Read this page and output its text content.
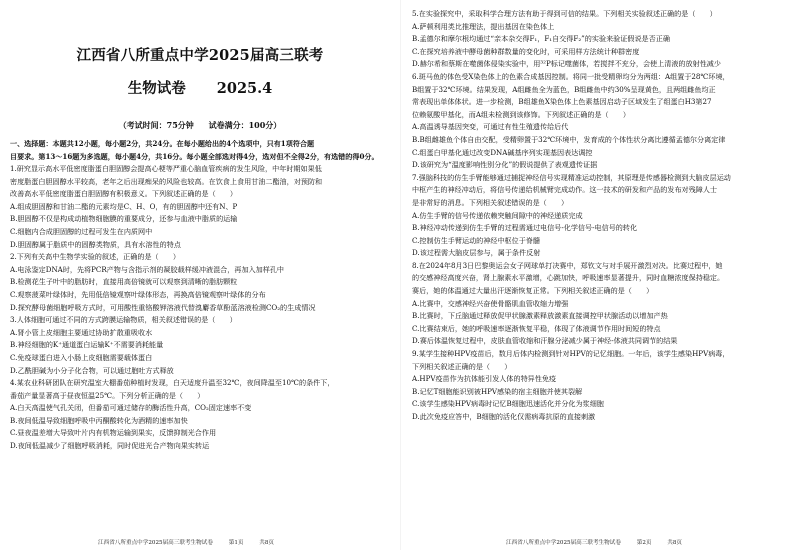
江西省八所重点中学2025届高三联考
生物试卷 2025.4
（考试时间：75分钟 试卷满分：100分）
一、选择题：本题共12小题，每小题2分，共24分。在每小题给出的4个选项中，只有1项符合题
目要求。第13～16题为多选题，每小题4分，共16分。每小题全部选对得4分，选对但不全得2分，有选错的得0分。
1.研究显示高水平低密度脂蛋白胆固醇会提高心梗等严重心脑血管疾病的发生风险，中年时期如果低
密度脂蛋白胆固醇水平较高，老年之后出现痴呆的风险也较高。在饮食上食用甘油二酯油，对预防和
改善高水平低密度脂蛋白胆固醇有积极意义。下列叙述正确的是（　　）
A.组成胆固醇和甘油二酯的元素均是C、H、O，有的胆固醇中还有N、P
B.胆固醇不仅是构成动植物细胞膜的重要成分，还参与血液中脂质的运输
C.细胞内合成胆固醇的过程可发生在内质网中
D.胆固醇属于脂质中的固醇类物质，具有水溶性的特点
2.下列有关高中生物学实验的叙述，正确的是（　　）
A.电泳鉴定DNA时，先将PCR产物与含指示剂的凝胶载样缓冲液混合，再加入加样孔中
B.检测花生子叶中的脂肪时，直接用高倍镜就可以观察到清晰的脂肪颗粒
C.观察菠菜叶绿体时，先用低倍镜观察叶绿体形态，再换高倍镜观察叶绿体的分布
D.探究酵母菌细胞呼吸方式时，可用酸性重铬酸钾溶液代替溴麝香草酚蓝溶液检测CO₂的生成情况
3.人体细胞可通过不同的方式跨膜运输物质，相关叙述错误的是（　　）
A.肾小管上皮细胞主要通过协助扩散重吸收水
B.神经细胞的K⁺通道蛋白运输K⁺不需要消耗能量
C.免疫球蛋白进入小肠上皮细胞需要载体蛋白
D.乙酰胆碱为小分子化合物，可以通过胞吐方式释放
4.某农业科研团队在研究温室大棚番茄种植时发现，白天适度升温至32℃，夜间降温至10℃的条件下，
番茄产量显著高于昼夜恒温25℃。下列分析正确的是（　　）
A.白天高温使气孔关闭，但番茄可通过储存的酶活性升高，CO₂固定速率不变
B.夜间低温导致细胞呼吸中丙酮酸转化为酒精的速率加快
C.昼夜温差增大导致叶片内有机物运输到果实，反馈抑制光合作用
D.夜间低温减少了细胞呼吸消耗，同时促进光合产物向果实转运
5.在实验探究中，采取科学合理方法有助于得到可信的结果。下列相关实验叙述正确的是（　　）
A.萨顿利用类比推理法，提出基因在染色体上
B.孟德尔和摩尔根均通过“亲本杂交得F₁，F₁自交得F₂”的实验来验证假说是否正确
C.在探究培养液中酵母菌种群数量的变化时，可采用样方法统计种群密度
D.赫尔希和蔡斯在噬菌体侵染实验中，用³²P标记噬菌体，若搅拌不充分，会使上清液的放射性减少
6.斑马鱼的体色受X染色体上的色素合成基因控制。将同一批受精卵均分为两组：A组置于28℃环境，
B组置于32℃环境。结果发现，A组雌鱼全为蓝色，B组雌鱼中约30%呈现黄色，且两组雌鱼均正
常表现出单体体状。进一步检测，B组雄鱼X染色体上色素基因启动子区域发生了组蛋白H3第27
位赖氨酸甲基化，而A组未检测到该修饰。下列叙述正确的是（　　）
A.高温诱导基因突变，可通过有性生殖遗传给后代
B.B组雌雄鱼个体自由交配，受精卵置于32℃环境中，发育成的个体性状分离比遵循孟德尔分离定律
C.组蛋白甲基化通过改变DNA碱基序列实现基因表达调控
D.该研究为“温度影响性别分化”的假说提供了表观遗传证据
7.强脑科技的仿生手臂能够通过捕捉神经信号实现精准运动控制，其原理是传感器检测到大脑皮层运动
中枢产生的神经冲动后，将信号传递给机械臂完成动作。这一技术的研发和产品的发布对残障人士
是非常好的消息。下列相关叙述错误的是（　　）
A.仿生手臂的信号传递依赖突触间隙中的神经递质完成
B.神经冲动传递到仿生手臂的过程需通过电信号-化学信号-电信号的转化
C.控制仿生手臂运动的神经中枢位于脊髓
D.该过程需大脑皮层参与，属于条件反射
8.在2024年8月3日巴黎奥运会女子网球单打决赛中，郑钦文与对手展开激烈对决。比赛过程中，她
的交感神经高度兴奋，肾上腺素水平激增，心跳加快，呼吸速率显著提升，同时血糖浓度保持稳定。
赛后，她的体温通过大量出汗逐渐恢复正常。下列相关叙述正确的是（　　）
A.比赛中，交感神经兴奋使骨骼肌血管收缩力增强
B.比赛时，下丘脑通过释放促甲状腺激素释放激素直接调控甲状腺活动以增加产热
C.比赛结束后，她的呼吸速率逐渐恢复平稳，体现了体液调节作用时间短的特点
D.赛后体温恢复过程中，皮肤血管收缩和汗腺分泌减少属于神经-体液共同调节的结果
9.某学生接种HPV疫苗后，数月后体内检测到针对HPV的记忆细胞。一年后，该学生感染HPV病毒，
下列相关叙述正确的是（　　）
A.HPV疫苗作为抗体能引发人体的特异性免疫
B.记忆T细胞能识别被HPV感染的宿主细胞并使其裂解
C.该学生感染HPV病毒时记忆B细胞迅速活化并分化为浆细胞
D.此次免疫应答中，B细胞的活化仅需病毒抗原的直接刺激
江西省八所重点中学2025届高三联考生物试卷	第1页	共8页	江西省八所重点中学2025届高三联考生物试卷	第2页	共8页
